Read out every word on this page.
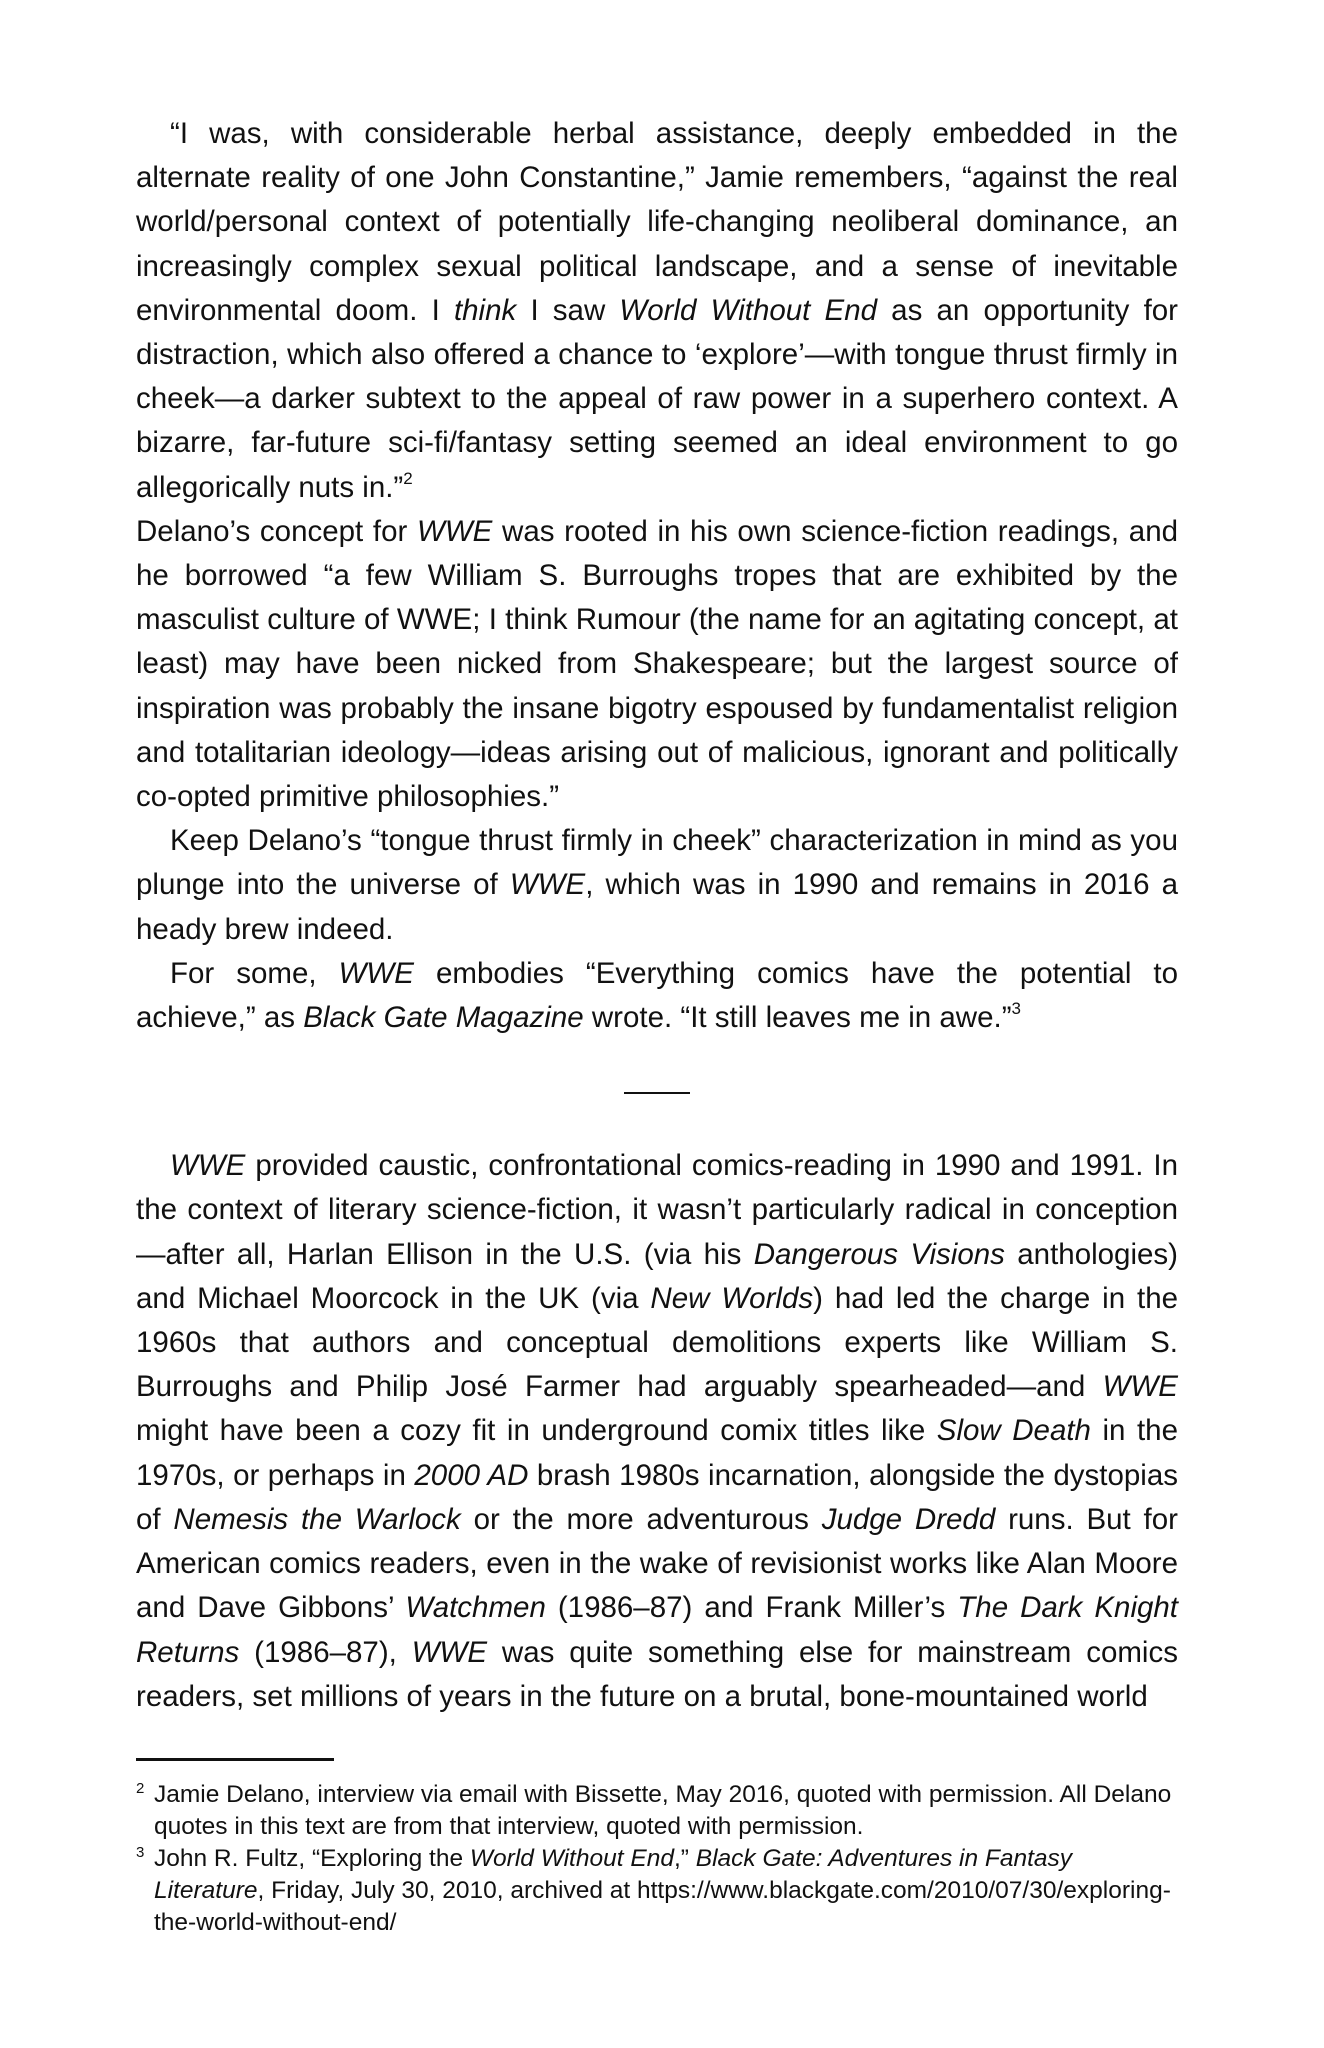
“I was, with considerable herbal assistance, deeply embedded in the alternate reality of one John Constantine,” Jamie remembers, “against the real world/personal context of potentially life-changing neoliberal dominance, an increasingly complex sexual political landscape, and a sense of inevitable environmental doom. I think I saw World Without End as an opportunity for distraction, which also offered a chance to ‘explore’—with tongue thrust firmly in cheek—a darker subtext to the appeal of raw power in a superhero context. A bizarre, far-future sci-fi/​fantasy setting seemed an ideal environment to go allegorically nuts in.”$^2$
Delano’s concept for WWE was rooted in his own science-fiction readings, and he borrowed “a few William S. Burroughs tropes that are exhibited by the masculist culture of WWE; I think Rumour (the name for an agitating concept, at least) may have been nicked from Shakespeare; but the largest source of inspiration was probably the insane bigotry espoused by fundamentalist religion and totalitarian ideology—ideas arising out of malicious, ignorant and politically co-opted primitive philosophies.”

Keep Delano’s “tongue thrust firmly in cheek” characterization in mind as you plunge into the universe of WWE, which was in 1990 and remains in 2016 a heady brew indeed.

For some, WWE embodies “Everything comics have the potential to achieve,” as Black Gate Magazine wrote. “It still leaves me in awe.”$^3$

WWE provided caustic, confrontational comics-reading in 1990 and 1991. In the context of literary science-fiction, it wasn’t particularly radical in conception—after all, Harlan Ellison in the U.S. (via his Dangerous Visions anthologies) and Michael Moorcock in the UK (via New Worlds) had led the charge in the 1960s that authors and conceptual demolitions experts like William S. Burroughs and Philip José Farmer had arguably spearheaded—and WWE might have been a cozy fit in underground comix titles like Slow Death in the 1970s, or perhaps in 2000 AD brash 1980s incarnation, alongside the dystopias of Nemesis the Warlock or the more adventurous Judge Dredd runs. But for American comics readers, even in the wake of revisionist works like Alan Moore and Dave Gibbons’ Watchmen (1986–87) and Frank Miller’s The Dark Knight Returns (1986–87), WWE was quite something else for mainstream comics readers, set millions of years in the future on a brutal, bone-mountained world

2 Jamie Delano, interview via email with Bissette, May 2016, quoted with permission. All Delano quotes in this text are from that interview, quoted with permission.

3 John R. Fultz, “Exploring the World Without End,” Black Gate: Adventures in Fantasy Literature, Friday, July 30, 2010, archived at https://www.blackgate.​com/2010/07/30/exploring-the-world-without-end/
